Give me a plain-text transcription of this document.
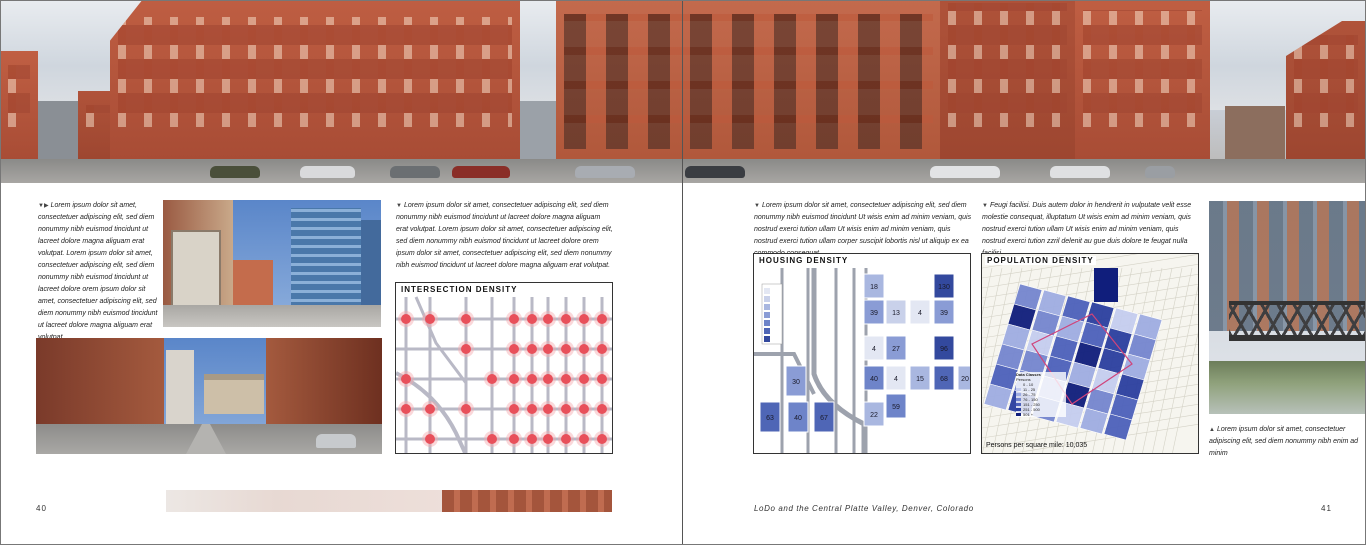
▼▶ Lorem ipsum dolor sit amet, consectetuer adipiscing elit, sed diem nonummy nibh euismod tincidunt ut lacreet dolore magna aliguam erat volutpat. Lorem ipsum dolor sit amet, consectetuer adipiscing elit, sed diem nonummy nibh euismod tincidunt ut lacreet dolore orem ipsum dolor sit amet, consectetuer adipiscing elit, sed diem nonummy nibh euismod tincidunt ut lacreet dolore magna aliguam erat
▼ Lorem ipsum dolor sit amet, consectetuer adipiscing elit, sed diem nonummy nibh euismod tincidunt ut lacreet dolore magna aliguam erat volutpat. Lorem ipsum dolor sit amet, consectetuer adipiscing elit, sed diem nonummy nibh euismod tincidunt ut lacreet dolore orem ipsum dolor sit amet, consectetuer adipiscing elit, sed diem nonummy nibh euismod tincidunt ut lacreet dolore magna aliguam erat volutpat.
INTERSECTION DENSITY
40
▼ Lorem ipsum dolor sit amet, consectetuer adipiscing elit, sed diem nonummy nibh euismod tincidunt Ut wisis enim ad minim veniam, quis nostrud exerci tution ullam Ut wisis enim ad minim veniam, quis nostrud exerci tution ullam corper suscipit lobortis nisl ut aliquip ex ea
▼ Feugi facilisi. Duis autem dolor in hendrerit in vulputate velit esse molestie consequat, illuptatum Ut wisis enim ad minim veniam, quis nostrud exerci tution ullam Ut wisis enim ad minim veniam, quis nostrud exerci tution zzril delenit au gue duis dolore te feugat nulla
HOUSING DENSITY
18	130
39 13	4	39
4 27	96
40 4	15 68 20
30
63	40	67	22
59
POPULATION DENSITY
Persons per square mile: 10,035
Data Classes
Persons
0 - 10
11 - 25
26 - 75
76 - 150
151 - 250
251 - 500
501 +
▲ Lorem ipsum dolor sit amet, consectetuer adipiscing elit, sed diem nonummy nibh enim ad minim
LoDo and the Central Platte Valley, Denver, Colorado	41
